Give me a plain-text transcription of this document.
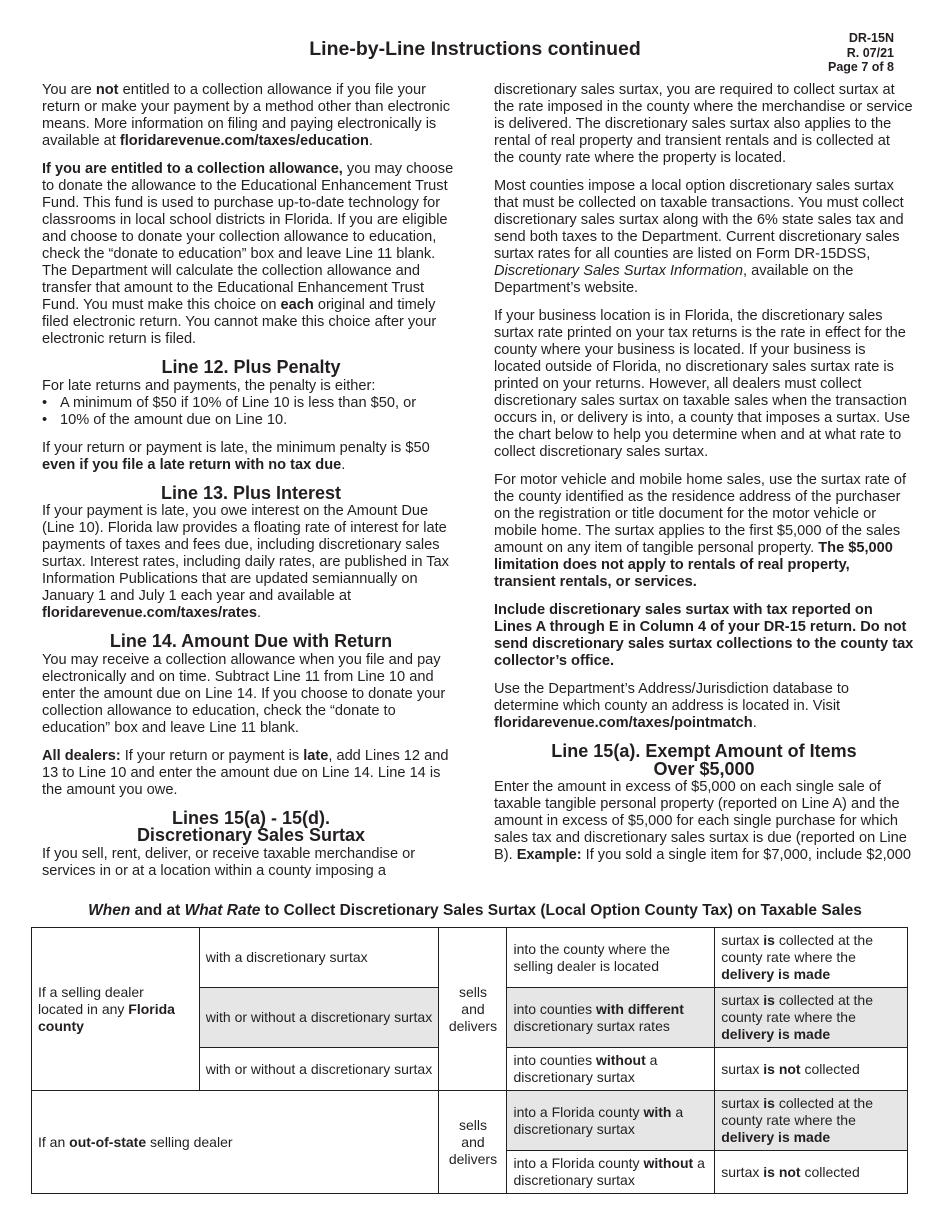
Line-by-Line Instructions continued	DR-15N
R. 07/21
Page 7 of 8

You are not entitled to a collection allowance if you file your return or make your payment by a method other than electronic means. More information on filing and paying electronically is available at floridarevenue.com/taxes/education.

If you are entitled to a collection allowance, you may choose to donate the allowance to the Educational Enhancement Trust Fund. This fund is used to purchase up-to-date technology for classrooms in local school districts in Florida. If you are eligible and choose to donate your collection allowance to education, check the “donate to education” box and leave Line 11 blank. The Department will calculate the collection allowance and transfer that amount to the Educational Enhancement Trust Fund. You must make this choice on each original and timely filed electronic return. You cannot make this choice after your electronic return is filed.

Line 12. Plus Penalty
For late returns and payments, the penalty is either:
• A minimum of $50 if 10% of Line 10 is less than $50, or
• 10% of the amount due on Line 10.

If your return or payment is late, the minimum penalty is $50 even if you file a late return with no tax due.

Line 13. Plus Interest

If your payment is late, you owe interest on the Amount Due (Line 10). Florida law provides a floating rate of interest for late payments of taxes and fees due, including discretionary sales surtax. Interest rates, including daily rates, are published in Tax Information Publications that are updated semiannually on January 1 and July 1 each year and available at floridarevenue.com/taxes/rates.

Line 14. Amount Due with Return

You may receive a collection allowance when you file and pay electronically and on time. Subtract Line 11 from Line 10 and enter the amount due on Line 14. If you choose to donate your collection allowance to education, check the “donate to education” box and leave Line 11 blank.

All dealers: If your return or payment is late, add Lines 12 and 13 to Line 10 and enter the amount due on Line 14. Line 14 is the amount you owe.

Lines 15(a) - 15(d).
Discretionary Sales Surtax

If you sell, rent, deliver, or receive taxable merchandise or services in or at a location within a county imposing a

discretionary sales surtax, you are required to collect surtax at the rate imposed in the county where the merchandise or service is delivered. The discretionary sales surtax also applies to the rental of real property and transient rentals and is collected at the county rate where the property is located.

Most counties impose a local option discretionary sales surtax that must be collected on taxable transactions. You must collect discretionary sales surtax along with the 6% state sales tax and send both taxes to the Department. Current discretionary sales surtax rates for all counties are listed on Form DR-15DSS, Discretionary Sales Surtax Information, available on the Department’s website.

If your business location is in Florida, the discretionary sales surtax rate printed on your tax returns is the rate in effect for the county where your business is located. If your business is located outside of Florida, no discretionary sales surtax rate is printed on your returns. However, all dealers must collect discretionary sales surtax on taxable sales when the transaction occurs in, or delivery is into, a county that imposes a surtax. Use the chart below to help you determine when and at what rate to collect discretionary sales surtax.

For motor vehicle and mobile home sales, use the surtax rate of the county identified as the residence address of the purchaser on the registration or title document for the motor vehicle or mobile home. The surtax applies to the first $5,000 of the sales amount on any item of tangible personal property. The $5,000 limitation does not apply to rentals of real property, transient rentals, or services.

Include discretionary sales surtax with tax reported on Lines A through E in Column 4 of your DR-15 return. Do not send discretionary sales surtax collections to the county tax collector’s office.

Use the Department’s Address/Jurisdiction database to determine which county an address is located in. Visit floridarevenue.com/taxes/pointmatch.

Line 15(a). Exempt Amount of Items
Over $5,000

Enter the amount in excess of $5,000 on each single sale of taxable tangible personal property (reported on Line A) and the amount in excess of $5,000 for each single purchase for which sales tax and discretionary sales surtax is due (reported on Line B). Example: If you sold a single item for $7,000, include $2,000

When and at What Rate to Collect Discretionary Sales Surtax (Local Option County Tax) on Taxable Sales
If a selling dealer located in any Florida county	with a discretionary surtax	sells and delivers	into the county where the selling dealer is located	surtax is collected at the county rate where the delivery is made
	with or without a discretionary surtax		into counties with different discretionary surtax rates	surtax is collected at the county rate where the delivery is made
	with or without a discretionary surtax		into counties without a discretionary surtax	surtax is not collected
If an out-of-state selling dealer		sells and delivers	into a Florida county with a discretionary surtax	surtax is collected at the county rate where the delivery is made
			into a Florida county without a discretionary surtax	surtax is not collected
